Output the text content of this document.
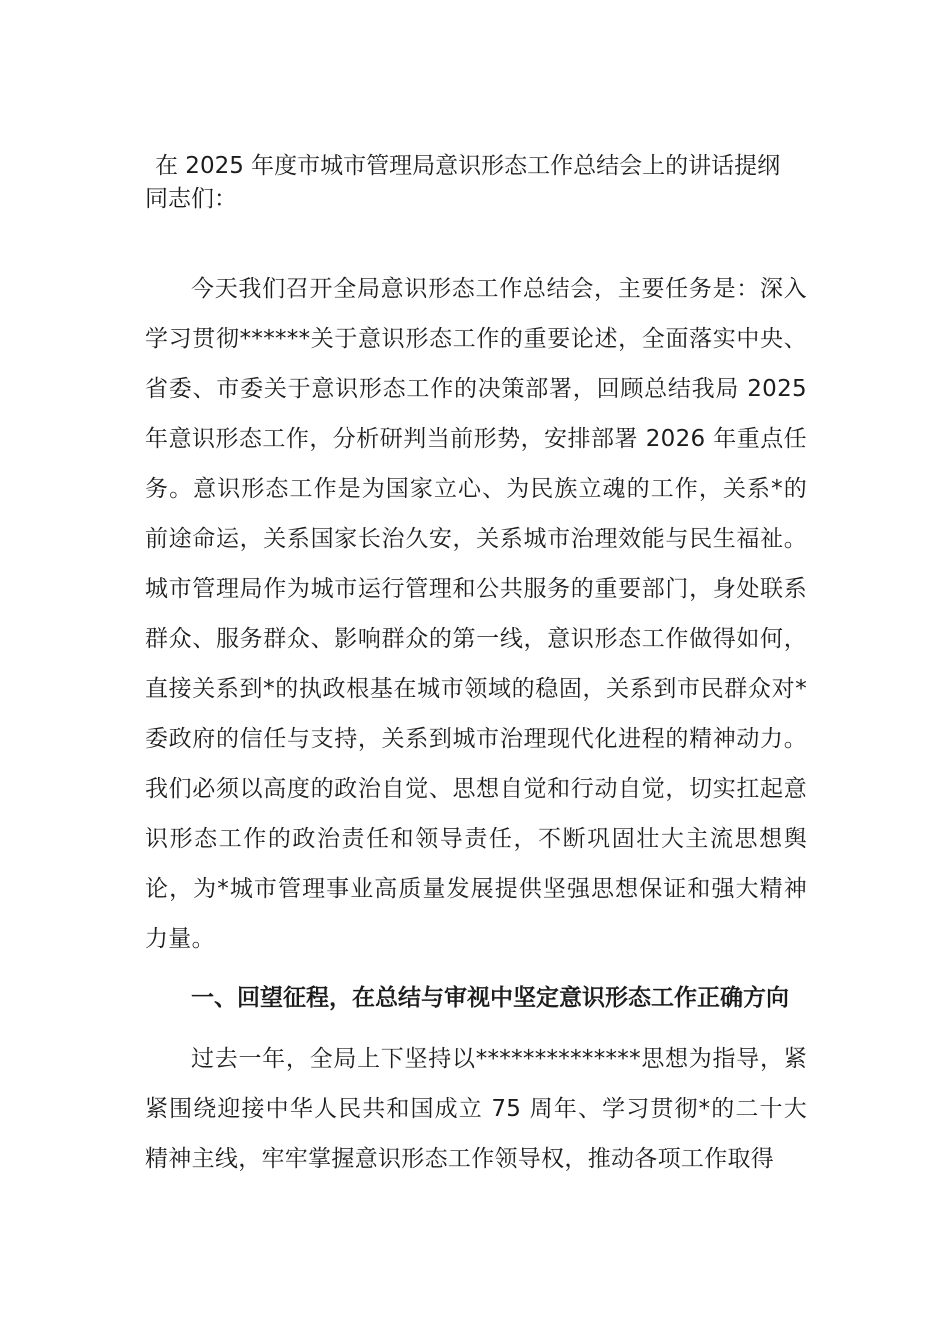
在 2025 年度市城市管理局意识形态工作总结会上的讲话提纲
同志们：

今天我们召开全局意识形态工作总结会，主要任务是：深入学习贯彻******关于意识形态工作的重要论述，全面落实中央、省委、市委关于意识形态工作的决策部署，回顾总结我局 2025 年意识形态工作，分析研判当前形势，安排部署 2026 年重点任务。意识形态工作是为国家立心、为民族立魂的工作，关系*的前途命运，关系国家长治久安，关系城市治理效能与民生福祉。城市管理局作为城市运行管理和公共服务的重要部门，身处联系群众、服务群众、影响群众的第一线，意识形态工作做得如何，直接关系到*的执政根基在城市领域的稳固，关系到市民群众对*委政府的信任与支持，关系到城市治理现代化进程的精神动力。我们必须以高度的政治自觉、思想自觉和行动自觉，切实扛起意识形态工作的政治责任和领导责任，不断巩固壮大主流思想舆论，为*城市管理事业高质量发展提供坚强思想保证和强大精神力量。

一、回望征程，在总结与审视中坚定意识形态工作正确方向

过去一年，全局上下坚持以**************思想为指导，紧紧围绕迎接中华人民共和国成立 75 周年、学习贯彻*的二十大精神主线，牢牢掌握意识形态工作领导权，推动各项工作取得
